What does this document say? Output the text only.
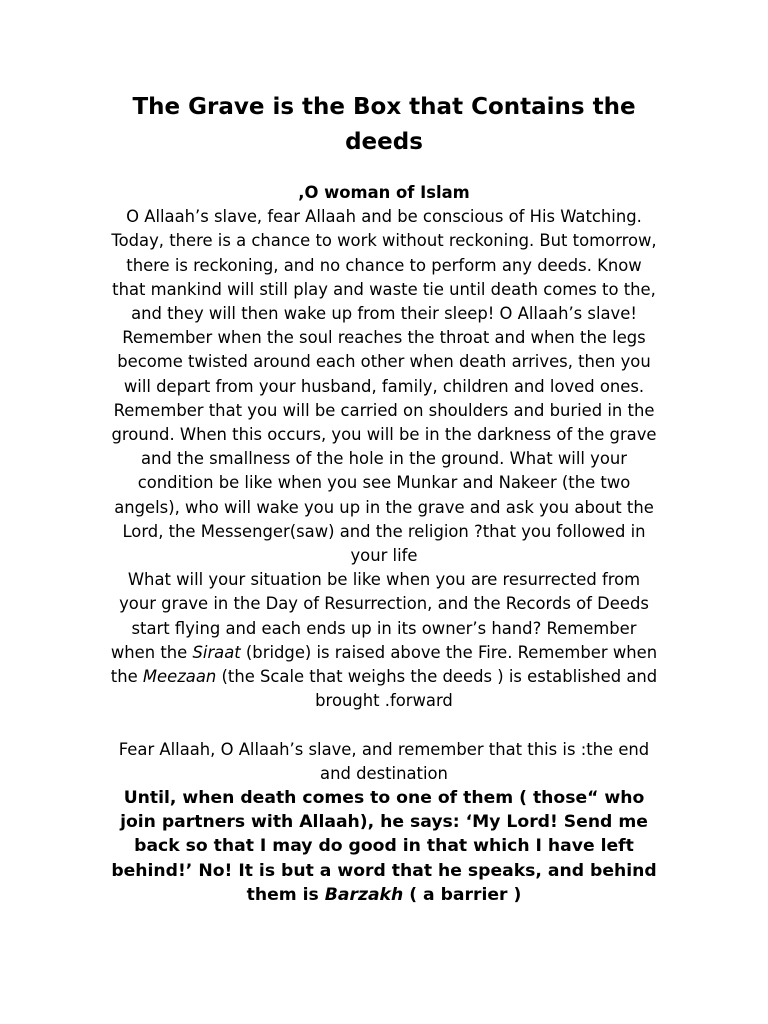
The Grave is the Box that Contains the deeds

,O woman of Islam

O Allaah’s slave, fear Allaah and be conscious of His Watching. Today, there is a chance to work without reckoning. But tomorrow, there is reckoning, and no chance to perform any deeds. Know that mankind will still play and waste tie until death comes to the, and they will then wake up from their sleep! O Allaah’s slave! Remember when the soul reaches the throat and when the legs become twisted around each other when death arrives, then you will depart from your husband, family, children and loved ones. Remember that you will be carried on shoulders and buried in the ground. When this occurs, you will be in the darkness of the grave and the smallness of the hole in the ground. What will your condition be like when you see Munkar and Nakeer (the two angels), who will wake you up in the grave and ask you about the Lord, the Messenger(saw) and the religion ?that you followed in your life

What will your situation be like when you are resurrected from your grave in the Day of Resurrection, and the Records of Deeds start flying and each ends up in its owner’s hand? Remember when the Siraat (bridge) is raised above the Fire. Remember when the Meezaan (the Scale that weighs the deeds ) is established and brought .forward

Fear Allaah, O Allaah’s slave, and remember that this is :the end and destination

Until, when death comes to one of them ( those“ who join partners with Allaah), he says: ‘My Lord! Send me back so that I may do good in that which I have left behind!’ No! It is but a word that he speaks, and behind them is Barzakh ( a barrier )
